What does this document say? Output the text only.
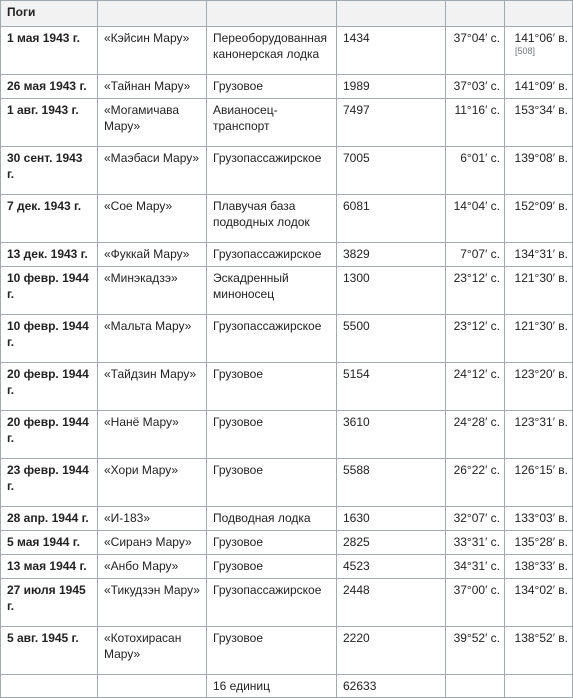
Поги					
1 мая 1943 г.	«Кэйсин Мару»	Переоборудованная канонерская лодка	1434	37°04′ с.	141°06′ в.
[508]

26 мая 1943 г.	«Тайнан Мару»	Грузовое	1989	37°03′ с.	141°09′ в.
1 авг. 1943 г.	«Могамичава Мару»	Авианосец-транспорт	7497	11°16′ с.	153°34′ в.
30 сент. 1943 г.	«Маэбаси Мару»	Грузопассажирское	7005	6°01′ с.	139°08′ в.
7 дек. 1943 г.	«Сое Мару»	Плавучая база подводных лодок	6081	14°04′ с.	152°09′ в.
13 дек. 1943 г.	«Фуккай Мару»	Грузопассажирское	3829	7°07′ с.	134°31′ в.
10 февр. 1944 г.	«Минэкадзэ»	Эскадренный миноносец	1300	23°12′ с.	121°30′ в.
10 февр. 1944 г.	«Мальта Мару»	Грузопассажирское	5500	23°12′ с.	121°30′ в.
20 февр. 1944 г.	«Тайдзин Мару»	Грузовое	5154	24°12′ с.	123°20′ в.
20 февр. 1944 г.	«Нанё Мару»	Грузовое	3610	24°28′ с.	123°31′ в.
23 февр. 1944 г.	«Хори Мару»	Грузовое	5588	26°22′ с.	126°15′ в.
28 апр. 1944 г.	«И-183»	Подводная лодка	1630	32°07′ с.	133°03′ в.
5 мая 1944 г.	«Сиранэ Мару»	Грузовое	2825	33°31′ с.	135°28′ в.
13 мая 1944 г.	«Анбо Мару»	Грузовое	4523	34°31′ с.	138°33′ в.
27 июля 1945 г.	«Тикудзэн Мару»	Грузопассажирское	2448	37°00′ с.	134°02′ в.
5 авг. 1945 г.	«Котохирасан Мару»	Грузовое	2220	39°52′ с.	138°52′ в.
		16 единиц	62633		
